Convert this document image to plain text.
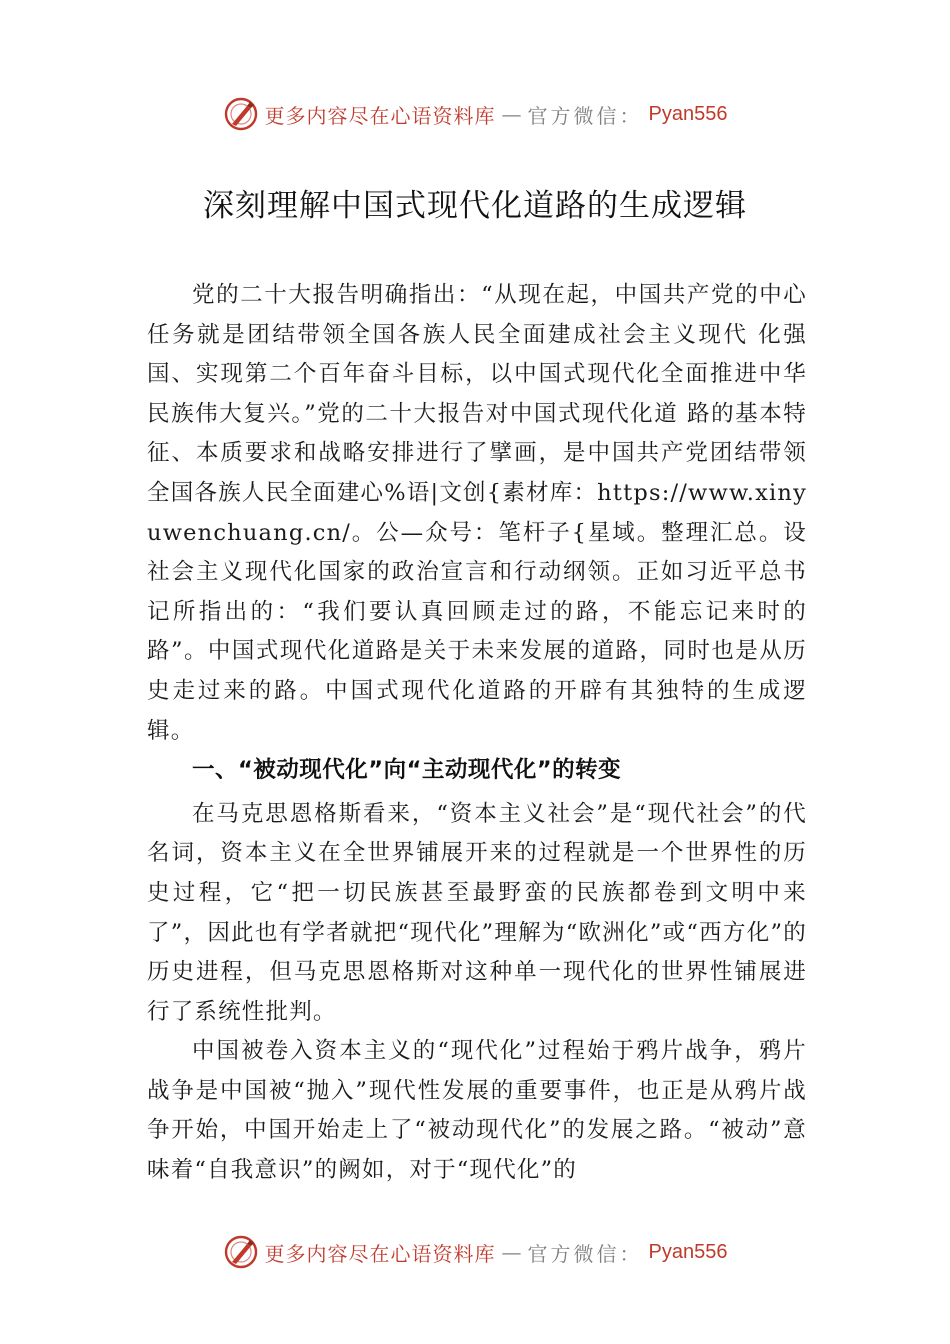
更多内容尽在心语资料库 — 官方微信： Pyan556
深刻理解中国式现代化道路的生成逻辑

党的二十大报告明确指出：“从现在起，中国共产党的中心任务就是团结带领全国各族人民全面建成社会主义现代 化强国、实现第二个百年奋斗目标，以中国式现代化全面推进中华民族伟大复兴。”党的二十大报告对中国式现代化道 路的基本特征、本质要求和战略安排进行了擘画，是中国共产党团结带领全国各族人民全面建心%语|文创{素材库：https://www.xinyuwenchuang.cn/。公—众号：笔杆子{星域。整理汇总。设社会主义现代化国家的政治宣言和行动纲领。正如习近平总书记所指出的：“我们要认真回顾走过的路，不能忘记来时的路”。中国式现代化道路是关于未来发展的道路，同时也是从历史走过来的路。中国式现代化道路的开辟有其独特的生成逻辑。

一、“被动现代化”向“主动现代化”的转变

在马克思恩格斯看来，“资本主义社会”是“现代社会”的代名词，资本主义在全世界铺展开来的过程就是一个世界性的历史过程，它“把一切民族甚至最野蛮的民族都卷到文明中来了”，因此也有学者就把“现代化”理解为“欧洲化”或“西方化”的历史进程，但马克思恩格斯对这种单一现代化的世界性铺展进行了系统性批判。

中国被卷入资本主义的“现代化”过程始于鸦片战争，鸦片战争是中国被“抛入”现代性发展的重要事件，也正是从鸦片战争开始，中国开始走上了“被动现代化”的发展之路。“被动”意味着“自我意识”的阙如，对于“现代化”的

更多内容尽在心语资料库 — 官方微信： Pyan556
